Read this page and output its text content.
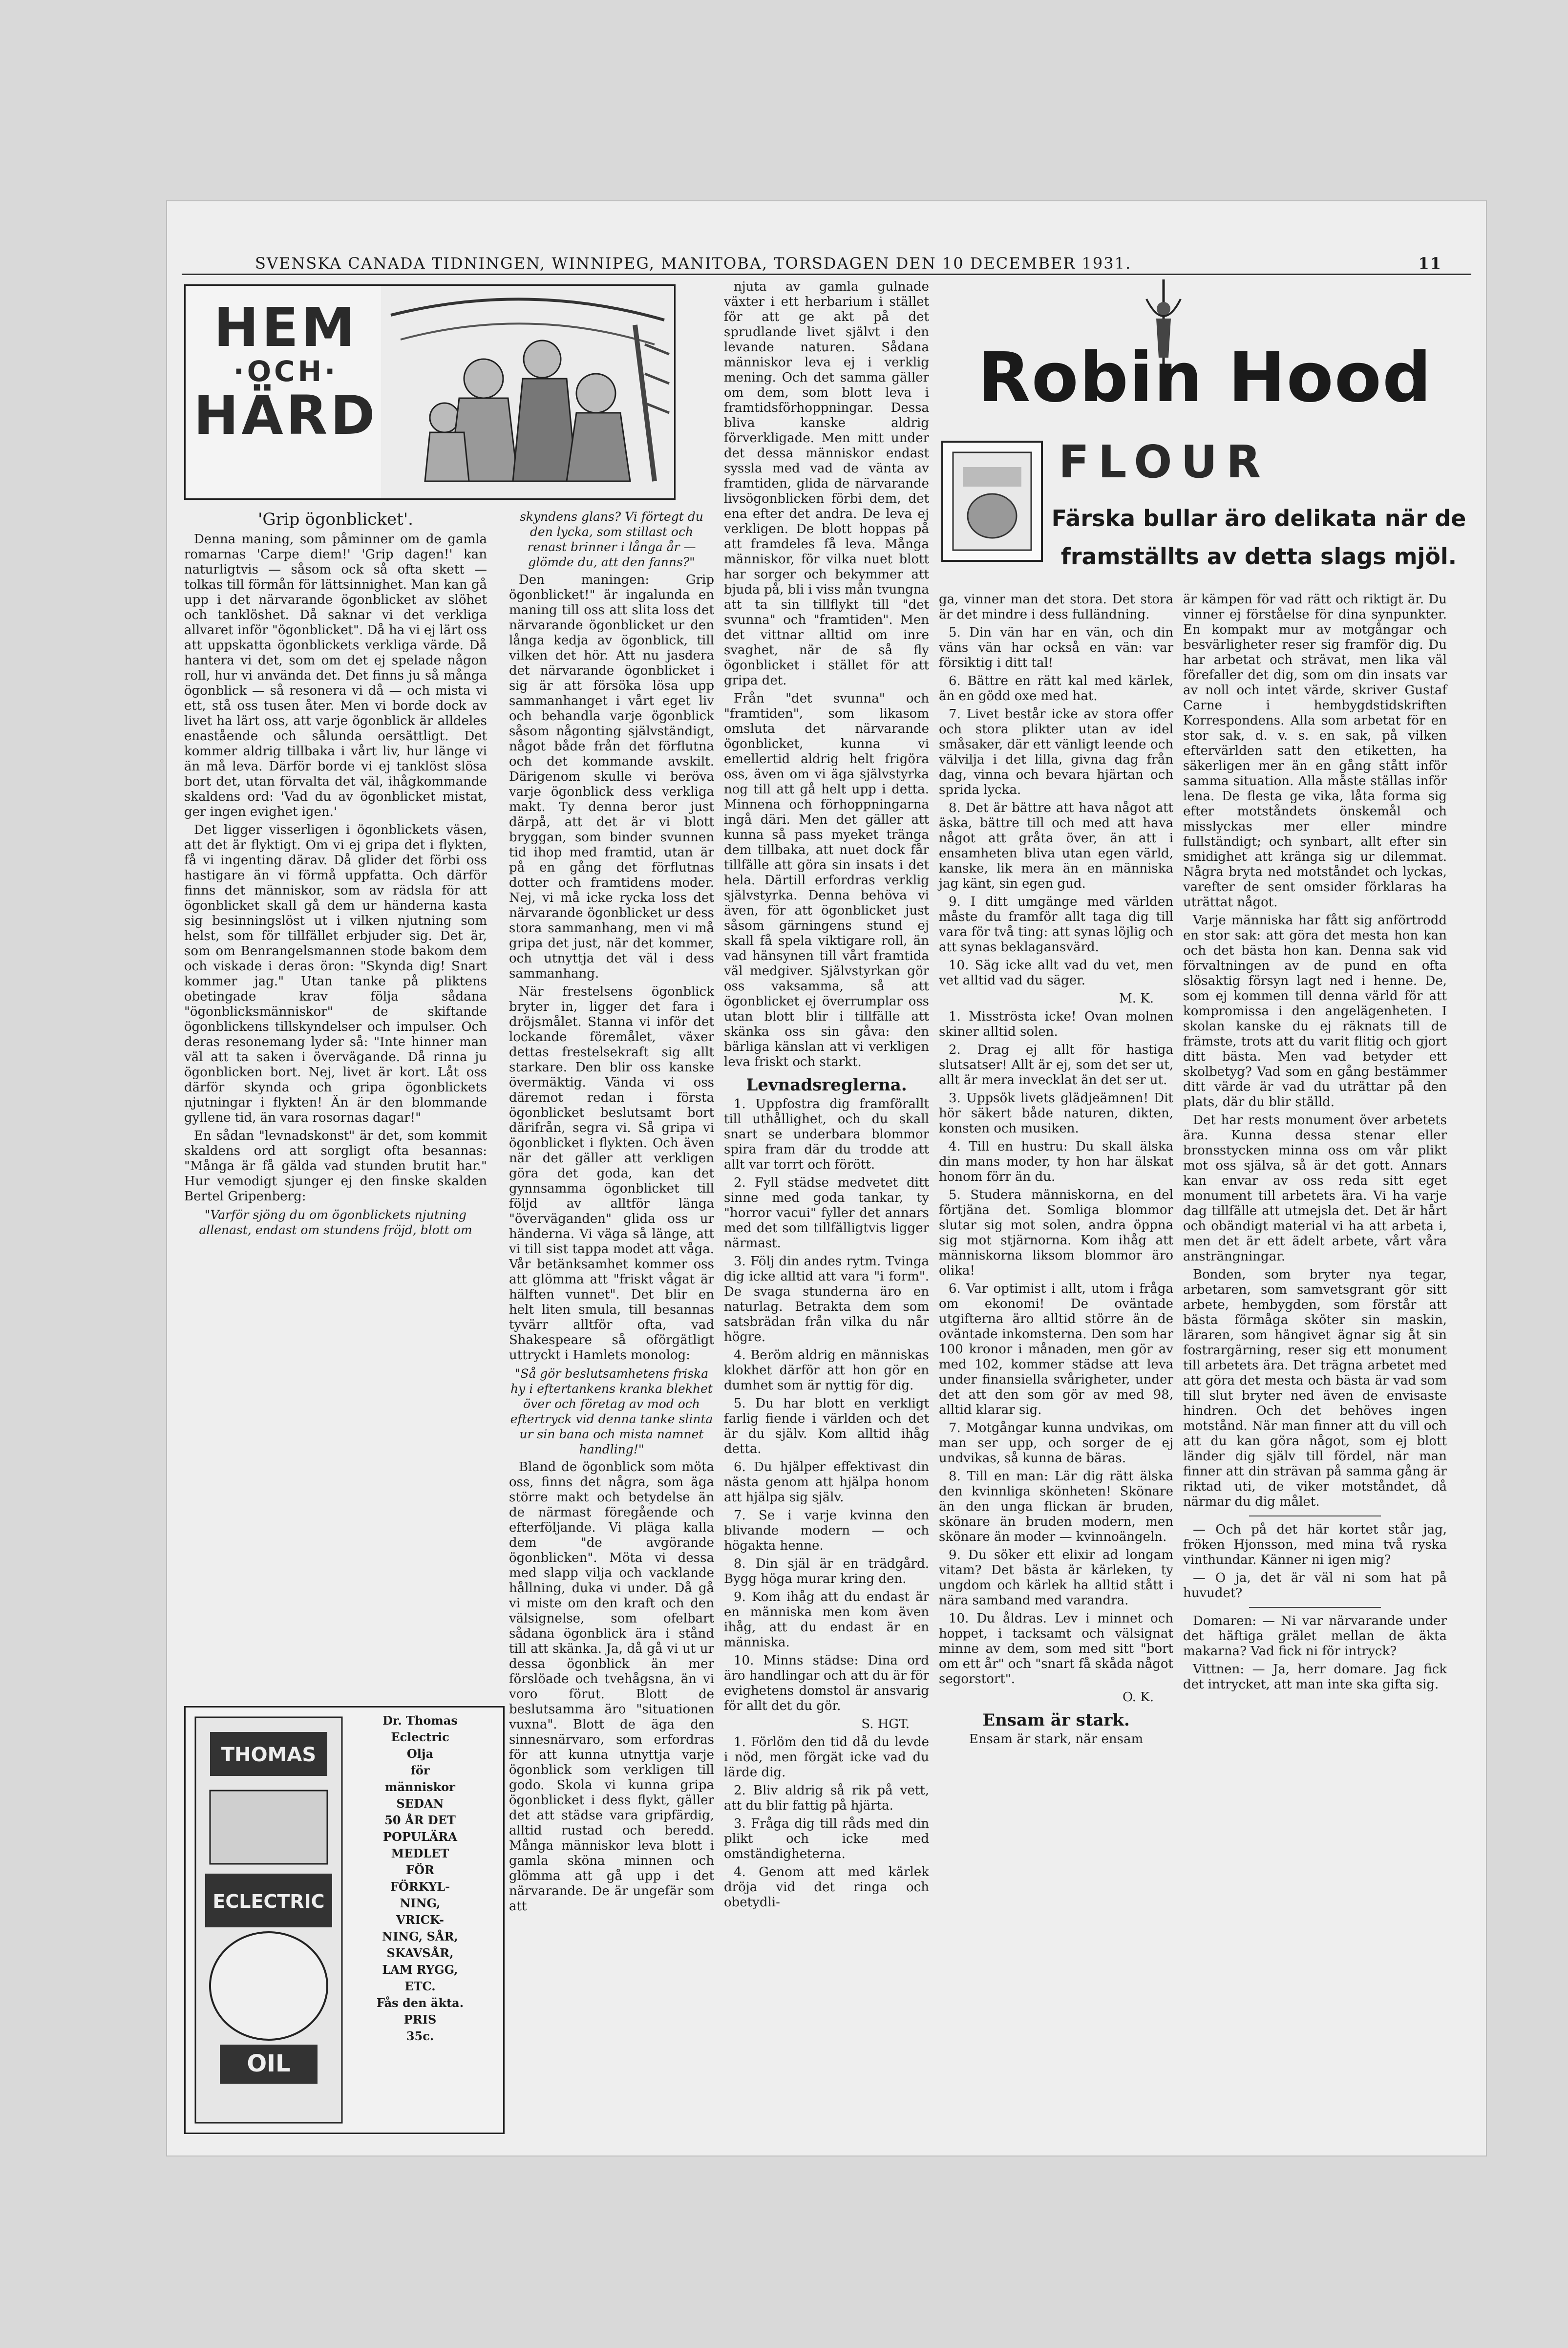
SVENSKA CANADA TIDNINGEN, WINNIPEG, MANITOBA, TORSDAGEN DEN 10 DECEMBER 1931.	11
HEM
·OCH·
HÄRD
'Grip ögonblicket'.

Denna maning, som påminner om de gamla romarnas 'Carpe diem!' 'Grip dagen!' kan naturligtvis — såsom ock så ofta skett — tolkas till förmån för lättsinnighet. Man kan gå upp i det närvarande ögonblicket av slöhet och tanklöshet. Då saknar vi det verkliga allvaret inför "ögonblicket". Då ha vi ej lärt oss att uppskatta ögonblickets verkliga värde. Då hantera vi det, som om det ej spelade någon roll, hur vi använda det. Det finns ju så många ögonblick — så resonera vi då — och mista vi ett, stå oss tusen åter. Men vi borde dock av livet ha lärt oss, att varje ögonblick är alldeles enastående och sålunda oersättligt. Det kommer aldrig tillbaka i vårt liv, hur länge vi än må leva. Därför borde vi ej tanklöst slösa bort det, utan förvalta det väl, ihågkommande skaldens ord: 'Vad du av ögonblicket mistat, ger ingen evighet igen.'

Det ligger visserligen i ögonblickets väsen, att det är flyktigt. Om vi ej gripa det i flykten, få vi ingenting därav. Då glider det förbi oss hastigare än vi förmå uppfatta. Och därför finns det människor, som av rädsla för att ögonblicket skall gå dem ur händerna kasta sig besinningslöst ut i vilken njutning som helst, som för tillfället erbjuder sig. Det är, som om Benrangelsmannen stode bakom dem och viskade i deras öron: "Skynda dig! Snart kommer jag." Utan tanke på pliktens obetingade krav följa sådana "ögonblicksmänniskor" de skiftande ögonblickens tillskyndelser och impulser. Och deras resonemang lyder så: "Inte hinner man väl att ta saken i övervägande. Då rinna ju ögonblicken bort. Nej, livet är kort. Låt oss därför skynda och gripa ögonblickets njutningar i flykten! Än är den blommande gyllene tid, än vara rosornas dagar!"

En sådan "levnadskonst" är det, som kommit skaldens ord att sorgligt ofta besannas: "Många är få gälda vad stunden brutit har." Hur vemodigt sjunger ej den finske skalden Bertel Gripenberg:

"Varför sjöng du om ögonblickets njutning allenast, endast om stundens fröjd, blott om

THOMAS
ECLECTRIC
OIL
Dr. Thomas
Eclectric
Olja
för
människor
SEDAN
50 ÅR DET
POPULÄRA
MEDLET
FÖR
FÖRKYL-
NING,
VRICK-
NING, SÅR,
SKAVSÅR,
LAM RYGG,
ETC.
Fås den äkta.
PRIS
35c.

skyndens glans? Vi förtegt du den lycka, som stillast och renast brinner i långa år — glömde du, att den fanns?"

Den maningen: Grip ögonblicket!" är ingalunda en maning till oss att slita loss det närvarande ögonblicket ur den långa kedja av ögonblick, till vilken det hör. Att nu jasdera det närvarande ögonblicket i sig är att försöka lösa upp sammanhanget i vårt eget liv och behandla varje ögonblick såsom någonting självständigt, något både från det förflutna och det kommande avskilt. Därigenom skulle vi beröva varje ögonblick dess verkliga makt. Ty denna beror just därpå, att det är vi blott bryggan, som binder svunnen tid ihop med framtid, utan är på en gång det förflutnas dotter och framtidens moder. Nej, vi må icke rycka loss det närvarande ögonblicket ur dess stora sammanhang, men vi må gripa det just, när det kommer, och utnyttja det väl i dess sammanhang.

När frestelsens ögonblick bryter in, ligger det fara i dröjsmålet. Stanna vi inför det lockande föremålet, växer dettas frestelsekraft sig allt starkare. Den blir oss kanske övermäktig. Vända vi oss däremot redan i första ögonblicket beslutsamt bort därifrån, segra vi. Så gripa vi ögonblicket i flykten. Och även när det gäller att verkligen göra det goda, kan det gynnsamma ögonblicket till följd av alltför länga "överväganden" glida oss ur händerna. Vi väga så länge, att vi till sist tappa modet att våga. Vår betänksamhet kommer oss att glömma att "friskt vågat är hälften vunnet". Det blir en helt liten smula, till besannas tyvärr alltför ofta, vad Shakespeare så oförgätligt uttryckt i Hamlets monolog:

"Så gör beslutsamhetens friska hy i eftertankens kranka blekhet över och företag av mod och eftertryck vid denna tanke slinta ur sin bana och mista namnet handling!"

Bland de ögonblick som möta oss, finns det några, som äga större makt och betydelse än de närmast föregående och efterföljande. Vi pläga kalla dem "de avgörande ögonblicken". Möta vi dessa med slapp vilja och vacklande hållning, duka vi under. Då gå vi miste om den kraft och den välsignelse, som ofelbart sådana ögonblick ära i stånd till att skänka. Ja, då gå vi ut ur dessa ögonblick än mer förslöade och tvehågsna, än vi voro förut. Blott de beslutsamma äro "situationen vuxna". Blott de äga den sinnesnärvaro, som erfordras för att kunna utnyttja varje ögonblick som verkligen till godo. Skola vi kunna gripa ögonblicket i dess flykt, gäller det att städse vara gripfärdig, alltid rustad och beredd. Många människor leva blott i gamla sköna minnen och glömma att gå upp i det närvarande. De är ungefär som att

njuta av gamla gulnade växter i ett herbarium i stället för att ge akt på det sprudlande livet självt i den levande naturen. Sådana människor leva ej i verklig mening. Och det samma gäller om dem, som blott leva i framtidsförhoppningar. Dessa bliva kanske aldrig förverkligade. Men mitt under det dessa människor endast syssla med vad de vänta av framtiden, glida de närvarande livsögonblicken förbi dem, det ena efter det andra. De leva ej verkligen. De blott hoppas på att framdeles få leva. Många människor, för vilka nuet blott har sorger och bekymmer att bjuda på, bli i viss mån tvungna att ta sin tillflykt till "det svunna" och "framtiden". Men det vittnar alltid om inre svaghet, när de så fly ögonblicket i stället för att gripa det.

Från "det svunna" och "framtiden", som likasom omsluta det närvarande ögonblicket, kunna vi emellertid aldrig helt frigöra oss, även om vi äga självstyrka nog till att gå helt upp i detta. Minnena och förhoppningarna ingå däri. Men det gäller att kunna så pass myeket tränga dem tillbaka, att nuet dock får tillfälle att göra sin insats i det hela. Därtill erfordras verklig självstyrka. Denna behöva vi även, för att ögonblicket just såsom gärningens stund ej skall få spela viktigare roll, än vad hänsynen till vårt framtida väl medgiver. Självstyrkan gör oss vaksamma, så att ögonblicket ej överrumplar oss utan blott blir i tillfälle att skänka oss sin gåva: den bärliga känslan att vi verkligen leva friskt och starkt.

Levnadsreglerna.

1. Uppfostra dig framförallt till uthållighet, och du skall snart se underbara blommor spira fram där du trodde att allt var torrt och förött.

2. Fyll städse medvetet ditt sinne med goda tankar, ty "horror vacui" fyller det annars med det som tillfälligtvis ligger närmast.

3. Följ din andes rytm. Tvinga dig icke alltid att vara "i form". De svaga stunderna äro en naturlag. Betrakta dem som satsbrädan från vilka du når högre.

4. Beröm aldrig en människas klokhet därför att hon gör en dumhet som är nyttig för dig.

5. Du har blott en verkligt farlig fiende i världen och det är du själv. Kom alltid ihåg detta.

6. Du hjälper effektivast din nästa genom att hjälpa honom att hjälpa sig själv.

7. Se i varje kvinna den blivande modern — och högakta henne.

8. Din själ är en trädgård. Bygg höga murar kring den.

9. Kom ihåg att du endast är en människa men kom även ihåg, att du endast är en människa.

10. Minns städse: Dina ord äro handlingar och att du är för evighetens domstol är ansvarig för allt det du gör.

S. HGT.

1. Förlöm den tid då du levde i nöd, men förgät icke vad du lärde dig.

2. Bliv aldrig så rik på vett, att du blir fattig på hjärta.

3. Fråga dig till råds med din plikt och icke med omständigheterna.

4. Genom att med kärlek dröja vid det ringa och obetydli-

Robin Hood
FLOUR
Färska bullar äro delikata när de framställts av detta slags mjöl.

ga, vinner man det stora. Det stora är det mindre i dess fulländning.

5. Din vän har en vän, och din väns vän har också en vän: var försiktig i ditt tal!

6. Bättre en rätt kal med kärlek, än en gödd oxe med hat.

7. Livet består icke av stora offer och stora plikter utan av idel småsaker, där ett vänligt leende och välvilja i det lilla, givna dag från dag, vinna och bevara hjärtan och sprida lycka.

8. Det är bättre att hava något att äska, bättre till och med att hava något att gråta över, än att i ensamheten bliva utan egen värld, kanske, lik mera än en människa jag känt, sin egen gud.

9. I ditt umgänge med världen måste du framför allt taga dig till vara för två ting: att synas löjlig och att synas beklagansvärd.

10. Säg icke allt vad du vet, men vet alltid vad du säger.

M. K.

1. Misströsta icke! Ovan molnen skiner alltid solen.

2. Drag ej allt för hastiga slutsatser! Allt är ej, som det ser ut, allt är mera invecklat än det ser ut.

3. Uppsök livets glädjeämnen! Dit hör säkert både naturen, dikten, konsten och musiken.

4. Till en hustru: Du skall älska din mans moder, ty hon har älskat honom förr än du.

5. Studera människorna, en del förtjäna det. Somliga blommor slutar sig mot solen, andra öppna sig mot stjärnorna. Kom ihåg att människorna liksom blommor äro olika!

6. Var optimist i allt, utom i fråga om ekonomi! De oväntade utgifterna äro alltid större än de oväntade inkomsterna. Den som har 100 kronor i månaden, men gör av med 102, kommer städse att leva under finansiella svårigheter, under det att den som gör av med 98, alltid klarar sig.

7. Motgångar kunna undvikas, om man ser upp, och sorger de ej undvikas, så kunna de bäras.

8. Till en man: Lär dig rätt älska den kvinnliga skönheten! Skönare än den unga flickan är bruden, skönare än bruden modern, men skönare än moder — kvinnoängeln.

9. Du söker ett elixir ad longam vitam? Det bästa är kärleken, ty ungdom och kärlek ha alltid stått i nära samband med varandra.

10. Du åldras. Lev i minnet och hoppet, i tacksamt och välsignat minne av dem, som med sitt "bort om ett år" och "snart få skåda något segorstort".

O. K.

Ensam är stark.

Ensam är stark, när ensam

är kämpen för vad rätt och riktigt är. Du vinner ej förståelse för dina synpunkter. En kompakt mur av motgångar och besvärligheter reser sig framför dig. Du har arbetat och strävat, men lika väl förefaller det dig, som om din insats var av noll och intet värde, skriver Gustaf Carne i hembygdstidskriften Korrespondens. Alla som arbetat för en stor sak, d. v. s. en sak, på vilken eftervärlden satt den etiketten, ha säkerligen mer än en gång stått inför samma situation. Alla måste ställas inför lena. De flesta ge vika, låta forma sig efter motståndets önskemål och misslyckas mer eller mindre fullständigt; och synbart, allt efter sin smidighet att kränga sig ur dilemmat. Några bryta ned motståndet och lyckas, varefter de sent omsider förklaras ha uträttat något.

Varje människa har fått sig anförtrodd en stor sak: att göra det mesta hon kan och det bästa hon kan. Denna sak vid förvaltningen av de pund en ofta slösaktig försyn lagt ned i henne. De, som ej kommen till denna värld för att kompromissa i den angelägenheten. I skolan kanske du ej räknats till de främste, trots att du varit flitig och gjort ditt bästa. Men vad betyder ett skolbetyg? Vad som en gång bestämmer ditt värde är vad du uträttar på den plats, där du blir ställd.

Det har rests monument över arbetets ära. Kunna dessa stenar eller bronsstycken minna oss om vår plikt mot oss själva, så är det gott. Annars kan envar av oss reda sitt eget monument till arbetets ära. Vi ha varje dag tillfälle att utmejsla det. Det är hårt och obändigt material vi ha att arbeta i, men det är ett ädelt arbete, vårt våra ansträngningar.

Bonden, som bryter nya tegar, arbetaren, som samvetsgrant gör sitt arbete, hembygden, som förstår att bästa förmåga sköter sin maskin, läraren, som hängivet ägnar sig åt sin fostrargärning, reser sig ett monument till arbetets ära. Det trägna arbetet med att göra det mesta och bästa är vad som till slut bryter ned även de envisaste hindren. Och det behöves ingen motstånd. När man finner att du vill och att du kan göra något, som ej blott länder dig själv till fördel, när man finner att din strävan på samma gång är riktad uti, de viker motståndet, då närmar du dig målet.

— Och på det här kortet står jag, fröken Hjonsson, med mina två ryska vinthundar. Känner ni igen mig?

— O ja, det är väl ni som hat på huvudet?

Domaren: — Ni var närvarande under det häftiga grälet mellan de äkta makarna? Vad fick ni för intryck?

Vittnen: — Ja, herr domare. Jag fick det intrycket, att man inte ska gifta sig.
